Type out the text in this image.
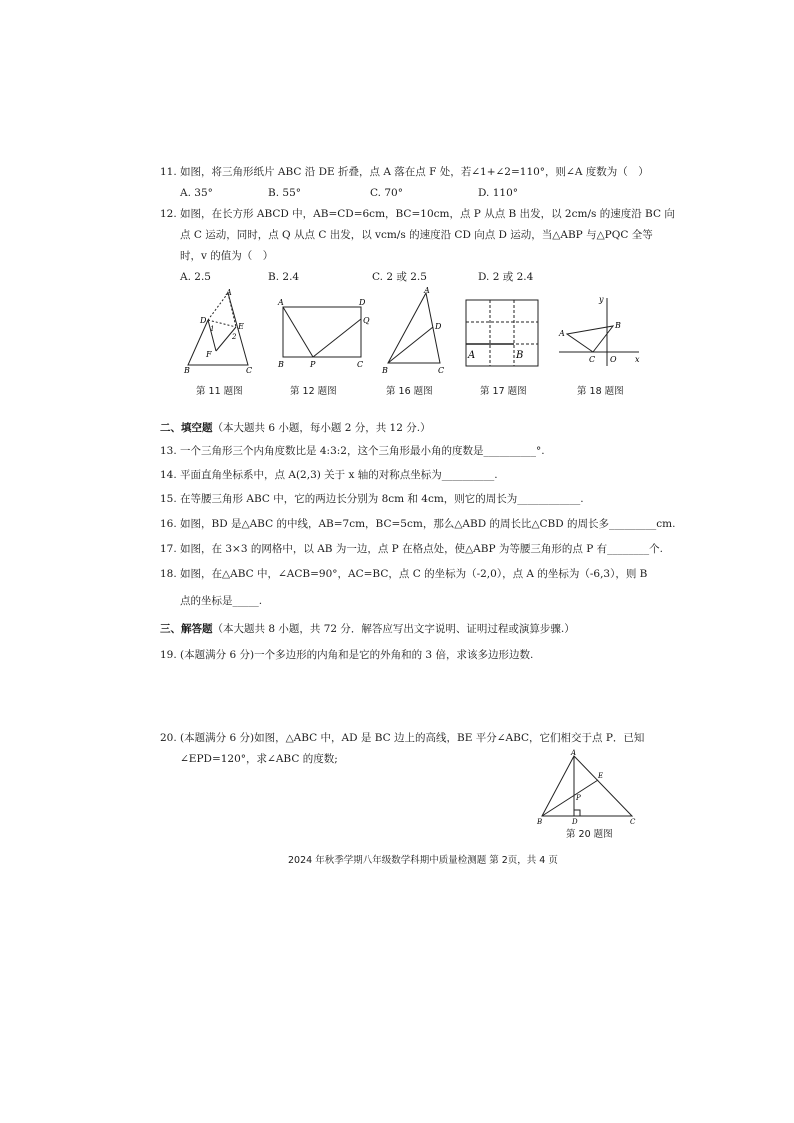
11. 如图，将三角形纸片 ABC 沿 DE 折叠，点 A 落在点 F 处，若∠1+∠2=110°，则∠A 度数为（　）
A. 35°	B. 55°	C. 70°	D. 110°
12. 如图，在长方形 ABCD 中，AB=CD=6cm，BC=10cm，点 P 从点 B 出发，以 2cm/s 的速度沿 BC 向
点 C 运动，同时，点 Q 从点 C 出发，以 vcm/s 的速度沿 CD 向点 D 运动，当△ABP 与△PQC 全等
时，v 的值为（　）
A. 2.5	B. 2.4	C. 2 或 2.5	D. 2 或 2.4
A
D
E
F
B	C
1
2
第 11 题图
A	D
Q
B	P	C
第 12 题图
A
D
B	C
第 16 题图
A	B
第 17 题图
y
A
B
C O x
第 18 题图
二、填空题（本大题共 6 小题，每小题 2 分，共 12 分.）
13. 一个三角形三个内角度数比是 4:3:2，这个三角形最小角的度数是__________°.
14. 平面直角坐标系中，点 A(2,3) 关于 x 轴的对称点坐标为__________.
15. 在等腰三角形 ABC 中，它的两边长分别为 8cm 和 4cm，则它的周长为____________.
16. 如图，BD 是△ABC 的中线，AB=7cm，BC=5cm，那么△ABD 的周长比△CBD 的周长多_________cm.
17. 如图，在 3×3 的网格中，以 AB 为一边，点 P 在格点处，使△ABP 为等腰三角形的点 P 有________个.
18. 如图，在△ABC 中，∠ACB=90°，AC=BC，点 C 的坐标为（-2,0），点 A 的坐标为（-6,3），则 B
点的坐标是_____.
三、解答题（本大题共 8 小题，共 72 分．解答应写出文字说明、证明过程或演算步骤.）
19. (本题满分 6 分)一个多边形的内角和是它的外角和的 3 倍，求该多边形边数.
20. (本题满分 6 分)如图，△ABC 中，AD 是 BC 边上的高线，BE 平分∠ABC，它们相交于点 P．已知
∠EPD=120°，求∠ABC 的度数;	A
E
P
B	D	C
第 20 题图
2024 年秋季学期八年级数学科期中质量检测题 第 2页，共 4 页
